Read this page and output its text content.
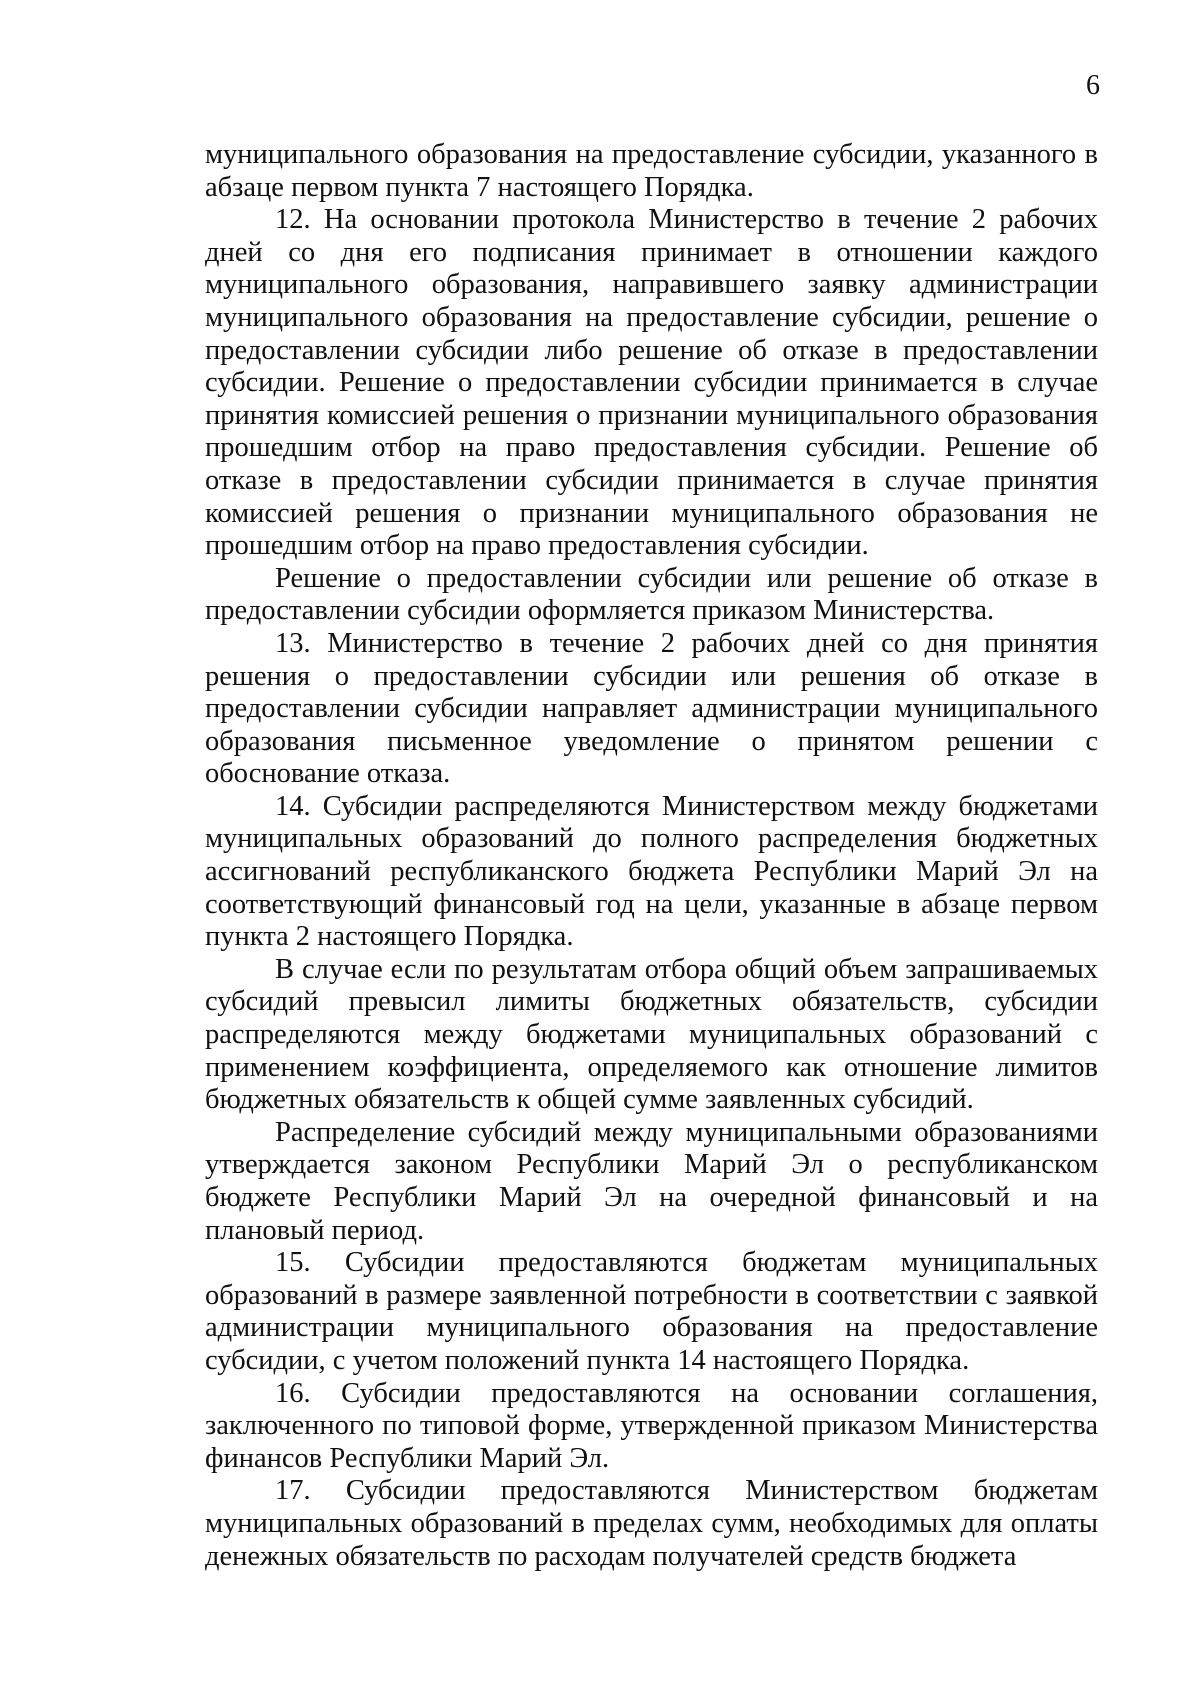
6

муниципального образования на предоставление субсидии, указанного в абзаце первом пункта 7 настоящего Порядка.

12. На основании протокола Министерство в течение 2 рабочих дней со дня его подписания принимает в отношении каждого муниципального образования, направившего заявку администрации муниципального образования на предоставление субсидии, решение о предоставлении субсидии либо решение об отказе в предоставлении субсидии. Решение о предоставлении субсидии принимается в случае принятия комиссией решения о признании муниципального образования прошедшим отбор на право предоставления субсидии. Решение об отказе в предоставлении субсидии принимается в случае принятия комиссией решения о признании муниципального образования не прошедшим отбор на право предоставления субсидии.

Решение о предоставлении субсидии или решение об отказе в предоставлении субсидии оформляется приказом Министерства.

13. Министерство в течение 2 рабочих дней со дня принятия решения о предоставлении субсидии или решения об отказе в предоставлении субсидии направляет администрации муниципального образования письменное уведомление о принятом решении с обоснование отказа.

14. Субсидии распределяются Министерством между бюджетами муниципальных образований до полного распределения бюджетных ассигнований республиканского бюджета Республики Марий Эл на соответствующий финансовый год на цели, указанные в абзаце первом пункта 2 настоящего Порядка.

В случае если по результатам отбора общий объем запрашиваемых субсидий превысил лимиты бюджетных обязательств, субсидии распределяются между бюджетами муниципальных образований с применением коэффициента, определяемого как отношение лимитов бюджетных обязательств к общей сумме заявленных субсидий.

Распределение субсидий между муниципальными образованиями утверждается законом Республики Марий Эл о республиканском бюджете Республики Марий Эл на очередной финансовый и на плановый период.

15. Субсидии предоставляются бюджетам муниципальных образований в размере заявленной потребности в соответствии с заявкой администрации муниципального образования на предоставление субсидии, с учетом положений пункта 14 настоящего Порядка.

16. Субсидии предоставляются на основании соглашения, заключенного по типовой форме, утвержденной приказом Министерства финансов Республики Марий Эл.

17. Субсидии предоставляются Министерством бюджетам муниципальных образований в пределах сумм, необходимых для оплаты денежных обязательств по расходам получателей средств бюджета
